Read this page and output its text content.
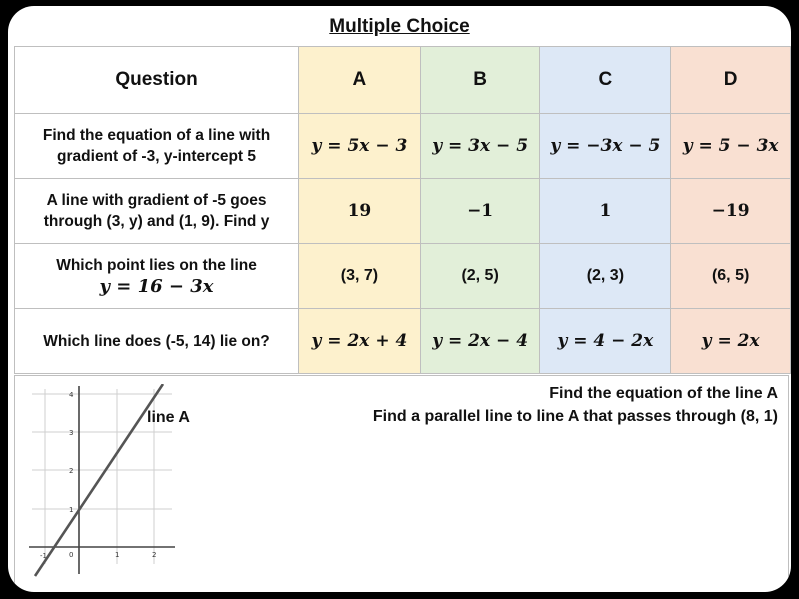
Multiple Choice
Question	A	B	C	D

Find the equation of a line with
gradient of -3, y-intercept 5	y = 5x − 3	y = 3x − 5	y = −3x − 5	y = 5 − 3x

A line with gradient of -5 goes
through (3, y) and (1, 9). Find y	19	−1	1	−19

Which point lies on the line
y = 16 − 3x	(3, 7)	(2, 5)	(2, 3)	(6, 5)

Which line does (-5, 14) lie on?	y = 2x + 4	y = 2x − 4	y = 4 − 2x	y = 2x
-1	0	1	2
1
2
3
4
line A
Find the equation of the line A
Find a parallel line to line A that passes through (8, 1)
